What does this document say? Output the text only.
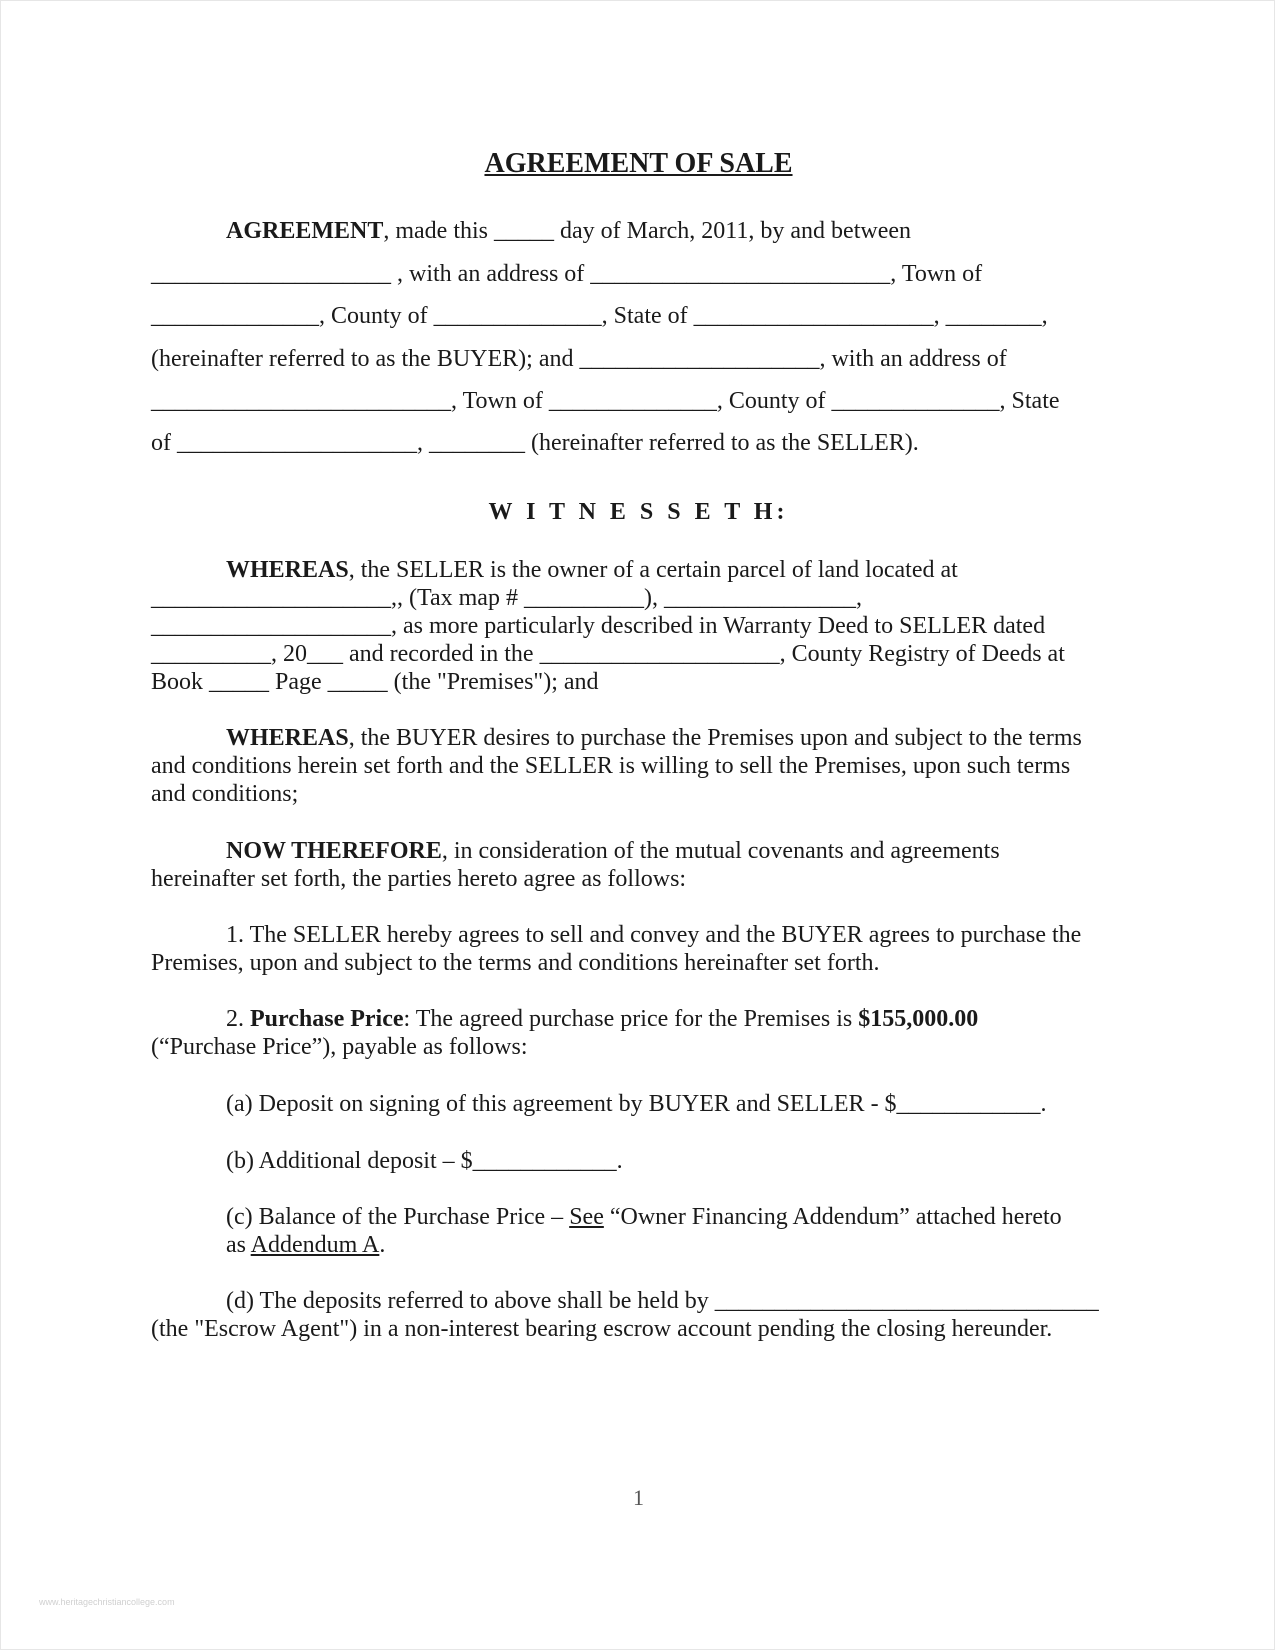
AGREEMENT OF SALE
AGREEMENT, made this _____ day of March, 2011, by and between
____________________ , with an address of _________________________, Town of
______________, County of ______________, State of ____________________, ________,
(hereinafter referred to as the BUYER); and ____________________, with an address of
_________________________, Town of ______________, County of ______________, State
of ____________________, ________ (hereinafter referred to as the SELLER).
W I T N E S S E T H:
WHEREAS, the SELLER is the owner of a certain parcel of land located at
____________________,, (Tax map # __________), ________________,
____________________, as more particularly described in Warranty Deed to SELLER dated
__________, 20___ and recorded in the ____________________, County Registry of Deeds at
Book _____ Page _____ (the "Premises"); and
WHEREAS, the BUYER desires to purchase the Premises upon and subject to the terms
and conditions herein set forth and the SELLER is willing to sell the Premises, upon such terms
and conditions;
NOW THEREFORE, in consideration of the mutual covenants and agreements
hereinafter set forth, the parties hereto agree as follows:
1. The SELLER hereby agrees to sell and convey and the BUYER agrees to purchase the
Premises, upon and subject to the terms and conditions hereinafter set forth.
2. Purchase Price: The agreed purchase price for the Premises is $155,000.00
(“Purchase Price”), payable as follows:
(a) Deposit on signing of this agreement by BUYER and SELLER - $____________.
(b) Additional deposit – $____________.
(c) Balance of the Purchase Price – See “Owner Financing Addendum” attached hereto
as Addendum A.
(d) The deposits referred to above shall be held by ________________________________
(the "Escrow Agent") in a non-interest bearing escrow account pending the closing hereunder.
1
www.heritagechristiancollege.com
